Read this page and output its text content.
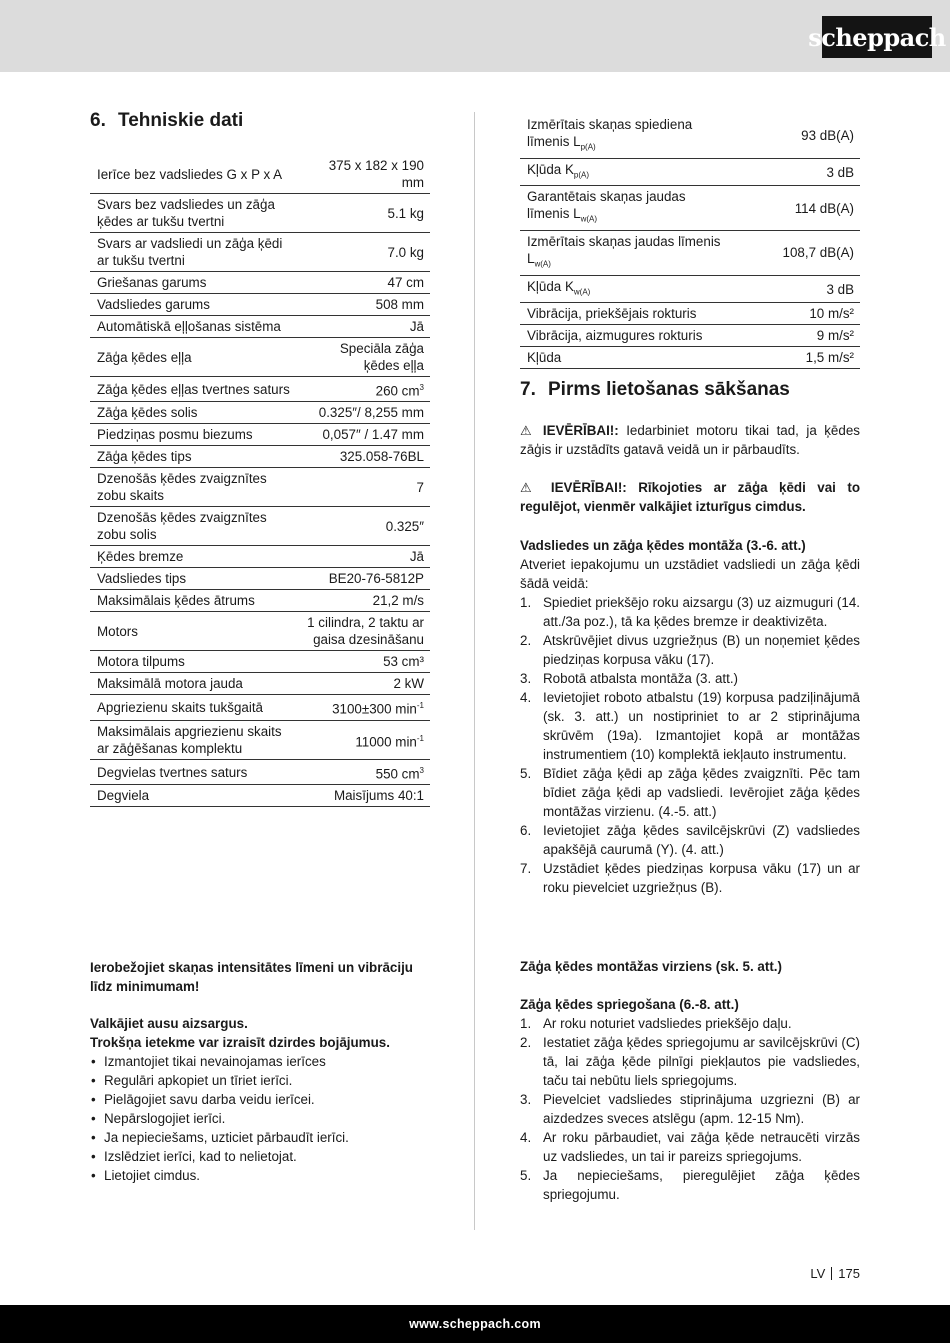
scheppach
6. Tehniskie dati
Ierīce bez vadsliedes G x P x A	375 x 182 x 190 mm
Svars bez vadsliedes un zāģa ķēdes ar tukšu tvertni	5.1 kg
Svars ar vadsliedi un zāģa ķēdi ar tukšu tvertni	7.0 kg
Griešanas garums	47 cm
Vadsliedes garums	508 mm
Automātiskā eļļošanas sistēma	Jā
Zāģa ķēdes eļļa	Speciāla zāģa ķēdes eļļa
Zāģa ķēdes eļļas tvertnes saturs	260 $cm^3$
Zāģa ķēdes solis	0.325″/ 8,255 mm
Piedziņas posmu biezums	0,057″ / 1.47 mm
Zāģa ķēdes tips	325.058-76BL
Dzenošās ķēdes zvaigznītes zobu skaits	7
Dzenošās ķēdes zvaigznītes zobu solis	0.325″
Ķēdes bremze	Jā
Vadsliedes tips	BE20-76-5812P
Maksimālais ķēdes ātrums	21,2 m/s
Motors	1 cilindra, 2 taktu ar gaisa dzesināšanu
Motora tilpums	53 cm³
Maksimālā motora jauda	2 kW
Apgriezienu skaits tukšgaitā	3100±300 $\min^{-1}$
Maksimālais apgriezienu skaits ar zāģēšanas komplektu	11000 $\min^{-1}$
Degvielas tvertnes saturs	550 $cm^3$
Degviela	Maisījums 40:1
Ierobežojiet skaņas intensitātes līmeni un vibrāciju līdz minimumam!
Valkājiet ausu aizsargus.
Trokšņa ietekme var izraisīt dzirdes bojājumus.
• Izmantojiet tikai nevainojamas ierīces
• Regulāri apkopiet un tīriet ierīci.
• Pielāgojiet savu darba veidu ierīcei.
• Nepārslogojiet ierīci.
• Ja nepieciešams, uzticiet pārbaudīt ierīci.
• Izslēdziet ierīci, kad to nelietojat.
• Lietojiet cimdus.
Izmērītais skaņas spiediena līmenis $L_{p(A)}$	93 dB(A)
Kļūda $K_{p(A)}$	3 dB
Garantētais skaņas jaudas līmenis $L_{w(A)}$	114 dB(A)
Izmērītais skaņas jaudas līmenis $L_{w(A)}$	108,7 dB(A)
Kļūda $K_{w(A)}$	3 dB
Vibrācija, priekšējais rokturis	10 m/s²
Vibrācija, aizmugures rokturis	9 m/s²
Kļūda	1,5 m/s²
7. Pirms lietošanas sākšanas
⚠ IEVĒRĪBAI!: Iedarbiniet motoru tikai tad, ja ķēdes zāģis ir uzstādīts gatavā veidā un ir pārbaudīts.
⚠ IEVĒRĪBAI!: Rīkojoties ar zāģa ķēdi vai to regulējot, vienmēr valkājiet izturīgus cimdus.
Vadsliedes un zāģa ķēdes montāža (3.-6. att.)
Atveriet iepakojumu un uzstādiet vadsliedi un zāģa ķēdi šādā veidā:
1. Spiediet priekšējo roku aizsargu (3) uz aizmuguri (14. att./3a poz.), tā ka ķēdes bremze ir deaktivizēta.
2. Atskrūvējiet divus uzgriežņus (B) un noņemiet ķēdes piedziņas korpusa vāku (17).
3. Robotā atbalsta montāža (3. att.)
4. Ievietojiet roboto atbalstu (19) korpusa padziļinājumā (sk. 3. att.) un nostipriniet to ar 2 stiprinājuma skrūvēm (19a). Izmantojiet kopā ar montāžas instrumentiem (10) komplektā iekļauto instrumentu.
5. Bīdiet zāģa ķēdi ap zāģa ķēdes zvaigznīti. Pēc tam bīdiet zāģa ķēdi ap vadsliedi. Ievērojiet zāģa ķēdes montāžas virzienu. (4.-5. att.)
6. Ievietojiet zāģa ķēdes savilcējskrūvi (Z) vadsliedes apakšējā caurumā (Y). (4. att.)
7. Uzstādiet ķēdes piedziņas korpusa vāku (17) un ar roku pievelciet uzgriežņus (B).
Zāģa ķēdes montāžas virziens (sk. 5. att.)
Zāģa ķēdes spriegošana (6.-8. att.)
1. Ar roku noturiet vadsliedes priekšējo daļu.
2. Iestatiet zāģa ķēdes spriegojumu ar savilcējskrūvi (C) tā, lai zāģa ķēde pilnīgi piekļautos pie vadsliedes, taču tai nebūtu liels spriegojums.
3. Pievelciet vadsliedes stiprinājuma uzgriezni (B) ar aizdedzes sveces atslēgu (apm. 12-15 Nm).
4. Ar roku pārbaudiet, vai zāģa ķēde netraucēti virzās uz vadsliedes, un tai ir pareizs spriegojums.
5. Ja nepieciešams, pieregulējiet zāģa ķēdes spriegojumu.
LV 175
www.scheppach.com
